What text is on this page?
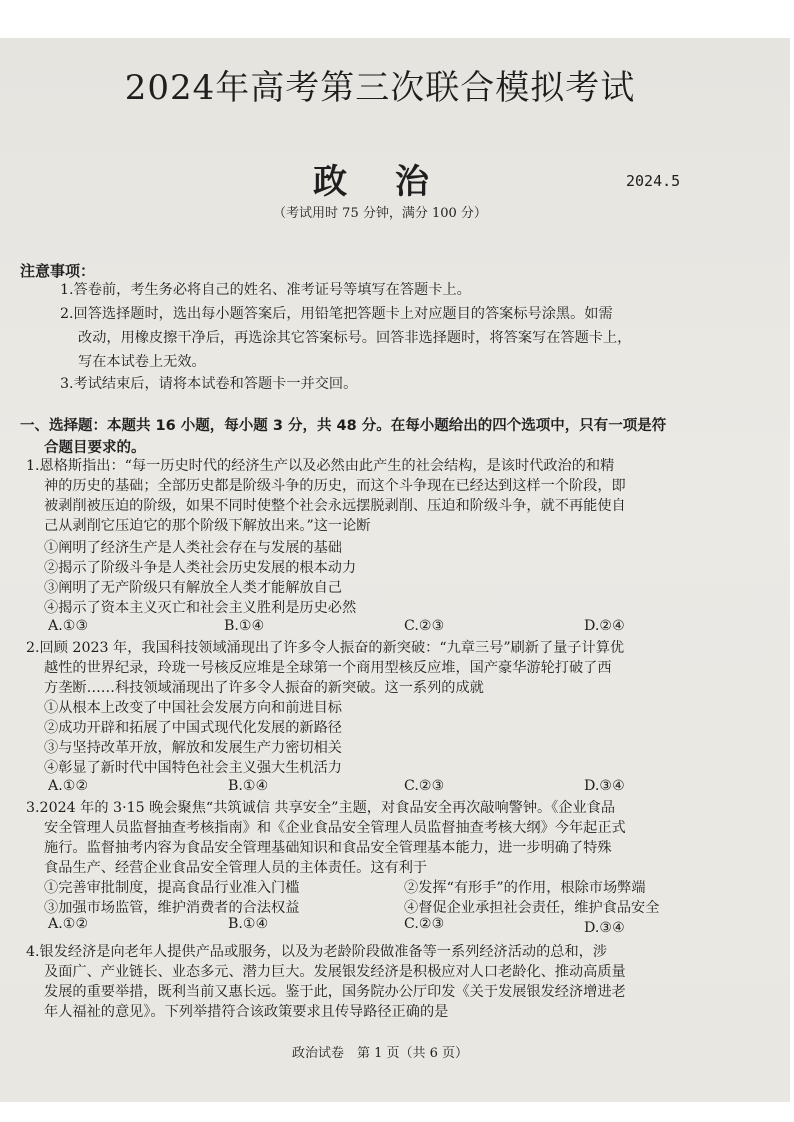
2024年高考第三次联合模拟考试
政 治	2024.5
（考试用时 75 分钟，满分 100 分）
注意事项：
1.答卷前，考生务必将自己的姓名、准考证号等填写在答题卡上。
2.回答选择题时，选出每小题答案后，用铅笔把答题卡上对应题目的答案标号涂黑。如需
改动，用橡皮擦干净后，再选涂其它答案标号。回答非选择题时，将答案写在答题卡上，
写在本试卷上无效。
3.考试结束后，请将本试卷和答题卡一并交回。
一、选择题：本题共 16 小题，每小题 3 分，共 48 分。在每小题给出的四个选项中，只有一项是符
合题目要求的。
1.恩格斯指出：“每一历史时代的经济生产以及必然由此产生的社会结构，是该时代政治的和精
神的历史的基础；全部历史都是阶级斗争的历史，而这个斗争现在已经达到这样一个阶段，即
被剥削被压迫的阶级，如果不同时使整个社会永远摆脱剥削、压迫和阶级斗争，就不再能使自
己从剥削它压迫它的那个阶级下解放出来。”这一论断
①阐明了经济生产是人类社会存在与发展的基础
②揭示了阶级斗争是人类社会历史发展的根本动力
③阐明了无产阶级只有解放全人类才能解放自己
④揭示了资本主义灭亡和社会主义胜利是历史必然
A.①③	B.①④	C.②③	D.②④
2.回顾 2023 年，我国科技领域涌现出了许多令人振奋的新突破：“九章三号”刷新了量子计算优
越性的世界纪录，玲珑一号核反应堆是全球第一个商用型核反应堆，国产豪华游轮打破了西
方垄断……科技领域涌现出了许多令人振奋的新突破。这一系列的成就
①从根本上改变了中国社会发展方向和前进目标
②成功开辟和拓展了中国式现代化发展的新路径
③与坚持改革开放，解放和发展生产力密切相关
④彰显了新时代中国特色社会主义强大生机活力
A.①②	B.①④	C.②③	D.③④
3.2024 年的 3·15 晚会聚焦“共筑诚信 共享安全”主题，对食品安全再次敲响警钟。《企业食品
安全管理人员监督抽查考核指南》和《企业食品安全管理人员监督抽查考核大纲》今年起正式
施行。监督抽考内容为食品安全管理基础知识和食品安全管理基本能力，进一步明确了特殊
食品生产、经营企业食品安全管理人员的主体责任。这有利于
①完善审批制度，提高食品行业准入门槛	②发挥“有形手”的作用，根除市场弊端
③加强市场监管，维护消费者的合法权益	④督促企业承担社会责任，维护食品安全
A.①②	B.①④	C.②③	D.③④
4.银发经济是向老年人提供产品或服务，以及为老龄阶段做准备等一系列经济活动的总和，涉
及面广、产业链长、业态多元、潜力巨大。发展银发经济是积极应对人口老龄化、推动高质量
发展的重要举措，既利当前又惠长远。鉴于此，国务院办公厅印发《关于发展银发经济增进老
年人福祉的意见》。下列举措符合该政策要求且传导路径正确的是
政治试卷　第 1 页（共 6 页）
